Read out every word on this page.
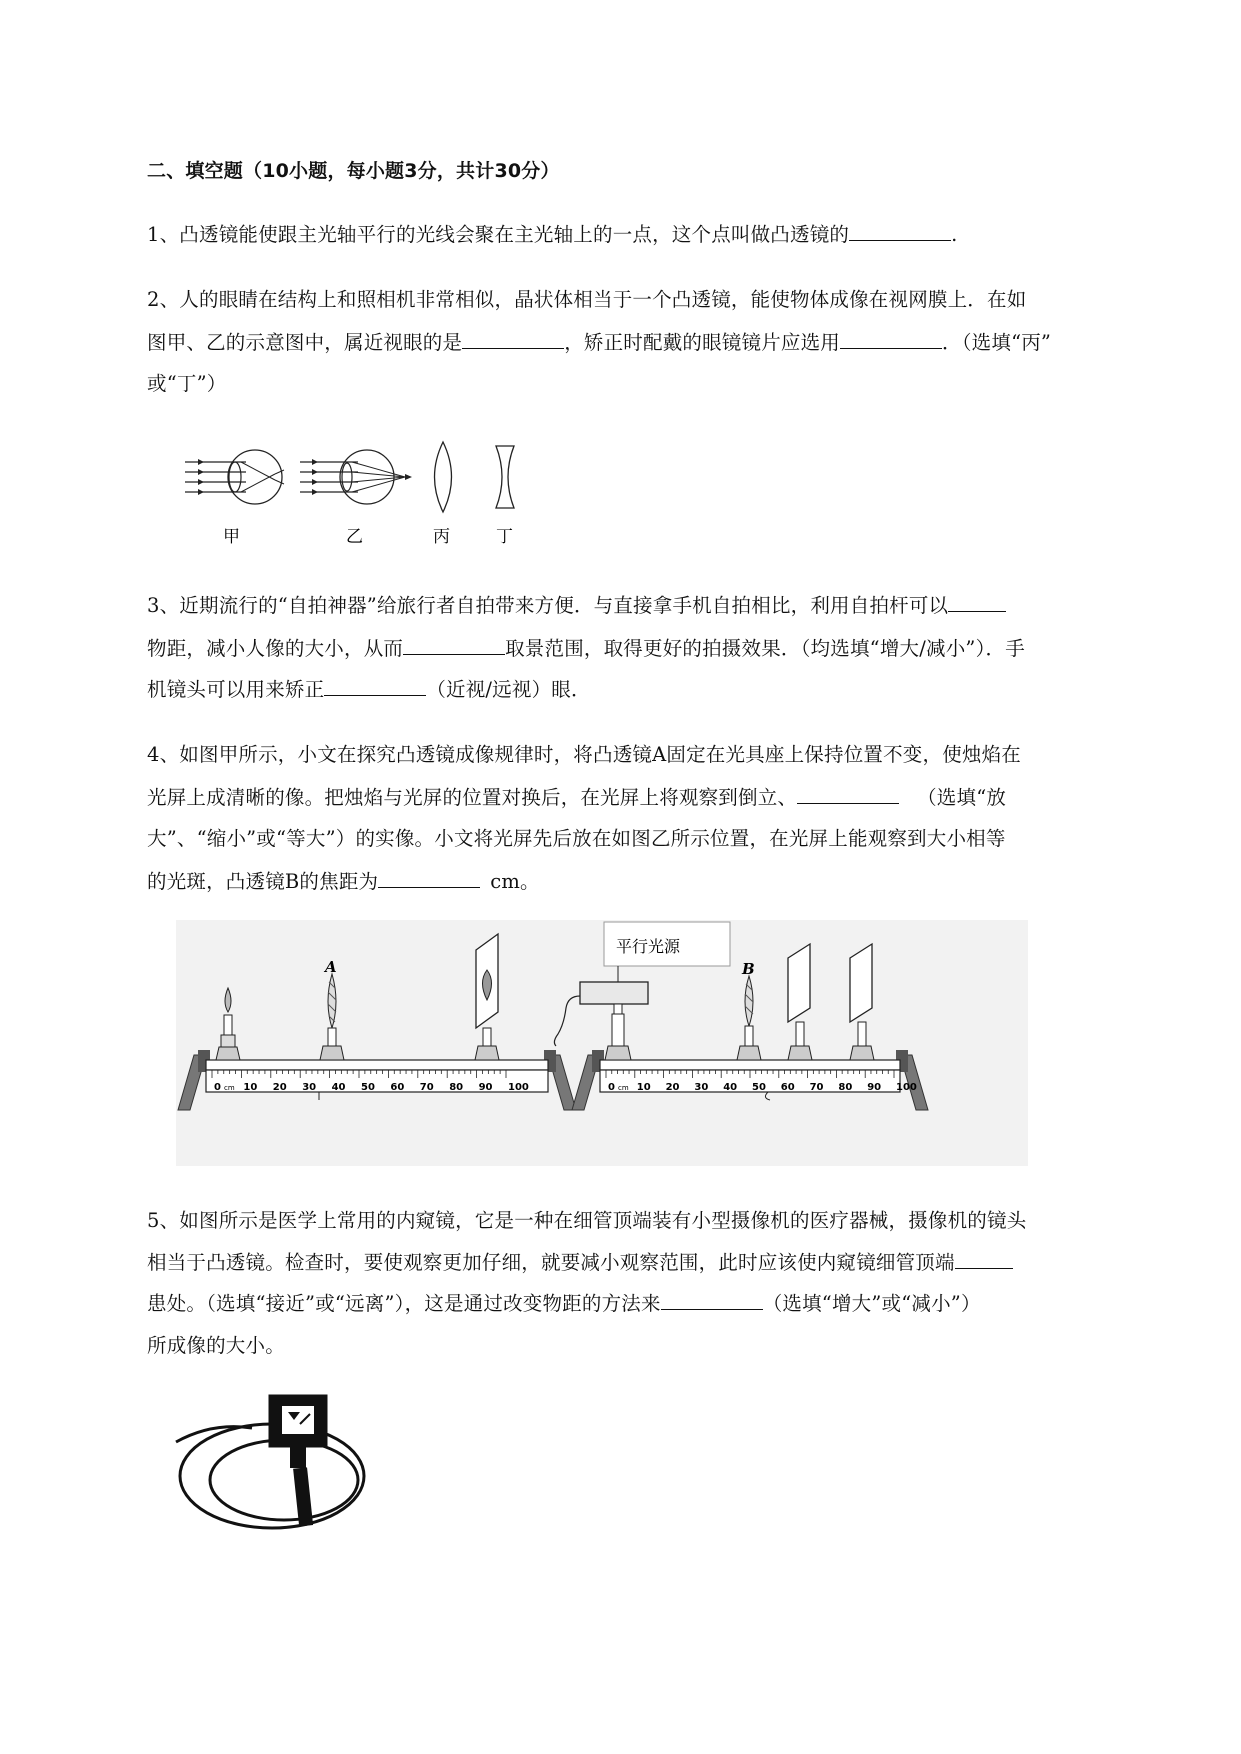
二、填空题（10小题，每小题3分，共计30分）
1、凸透镜能使跟主光轴平行的光线会聚在主光轴上的一点，这个点叫做凸透镜的	.
2、人的眼睛在结构上和照相机非常相似，晶状体相当于一个凸透镜，能使物体成像在视网膜上．在如
图甲、乙的示意图中，属近视眼的是	，矫正时配戴的眼镜镜片应选用	．（选填“丙”
或“丁”）
甲	乙	丙	丁
3、近期流行的“自拍神器”给旅行者自拍带来方便．与直接拿手机自拍相比，利用自拍杆可以
物距，减小人像的大小，从而	取景范围，取得更好的拍摄效果．（均选填“增大/减小”）．手
机镜头可以用来矫正	（近视/远视）眼．
4、如图甲所示，小文在探究凸透镜成像规律时，将凸透镜A固定在光具座上保持位置不变，使烛焰在
光屏上成清晰的像。把烛焰与光屏的位置对换后，在光屏上将观察到倒立、	（选填“放
大”、“缩小”或“等大”）的实像。小文将光屏先后放在如图乙所示位置，在光屏上能观察到大小相等
的光斑，凸透镜B的焦距为	cm。
0 10 20 30 40 50 60 70 80 90 100
cm
A
0 10 20 30 40 50 60 70 80 90 100
cm
平行光源
B
5、如图所示是医学上常用的内窥镜，它是一种在细管顶端装有小型摄像机的医疗器械，摄像机的镜头
相当于凸透镜。检查时，要使观察更加仔细，就要减小观察范围，此时应该使内窥镜细管顶端
患处。（选填“接近”或“远离”），这是通过改变物距的方法来	（选填“增大”或“减小”）
所成像的大小。
